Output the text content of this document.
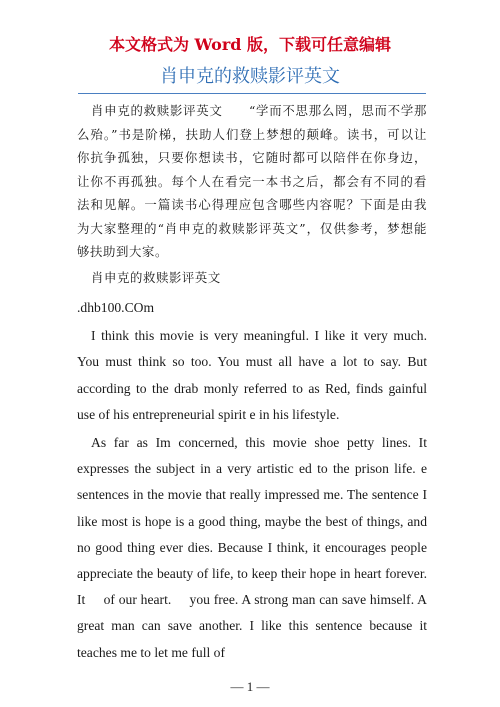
本文格式为 Word 版，下载可任意编辑
肖申克的救赎影评英文

肖申克的救赎影评英文　　“学而不思那么罔，思而不学那么殆。”书是阶梯，扶助人们登上梦想的颠峰。读书，可以让你抗争孤独，只要你想读书，它随时都可以陪伴在你身边，让你不再孤独。每个人在看完一本书之后，都会有不同的看法和见解。一篇读书心得理应包含哪些内容呢？下面是由我为大家整理的“肖申克的救赎影评英文”，仅供参考，梦想能够扶助到大家。

肖申克的救赎影评英文

.dhb100.COm

I think this movie is very meaningful. I like it very much. You must think so too. You must all have a lot to say. But according to the drab monly referred to as Red, finds gainful use of his entrepreneurial spirit e in his lifestyle.

As far as Im concerned, this movie shoe petty lines. It expresses the subject in a very artistic ed to the prison life. e sentences in the movie that really impressed me. The sentence I like most is hope is a good thing, maybe the best of things, and no good thing ever dies. Because I think, it encourages people appreciate the beauty of life, to keep their hope in heart forever. It　 of our heart.　 you free. A strong man can save himself. A great man can save another. I like this sentence because it teaches me to let me full of

— 1 —
